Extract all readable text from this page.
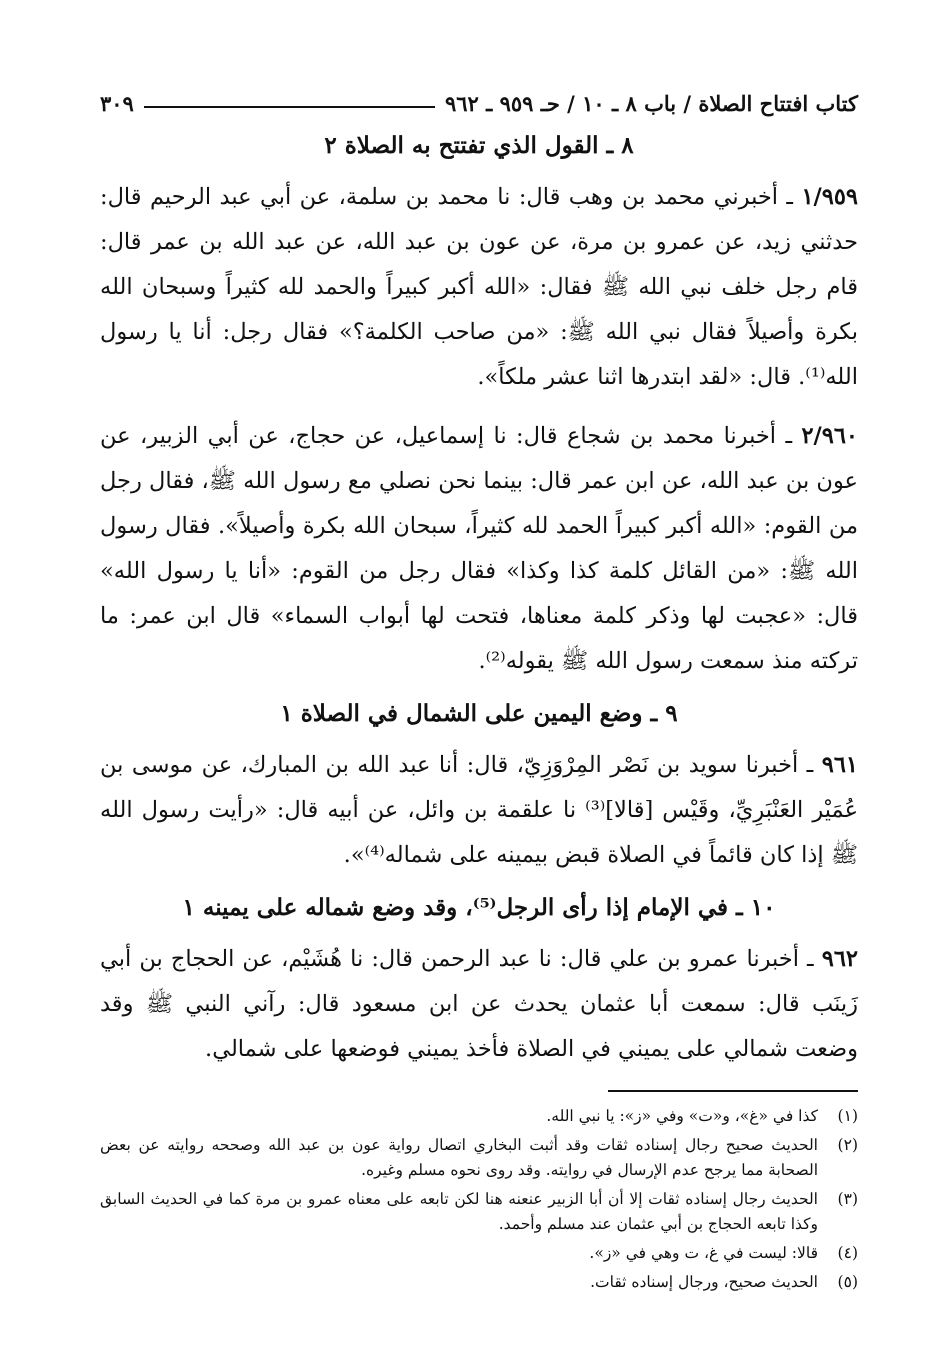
كتاب افتتاح الصلاة / باب ٨ ـ ١٠ / حـ ٩٥٩ ـ ٩٦٢
٣٠٩
٨ ـ القول الذي تفتتح به الصلاة ٢

١/٩٥٩ ـ أخبرني محمد بن وهب قال: نا محمد بن سلمة، عن أبي عبد الرحيم قال: حدثني زيد، عن عمرو بن مرة، عن عون بن عبد الله، عن عبد الله بن عمر قال: قام رجل خلف نبي الله ﷺ فقال: «الله أكبر كبيراً والحمد لله كثيراً وسبحان الله بكرة وأصيلاً فقال نبي الله ﷺ: «من صاحب الكلمة؟» فقال رجل: أنا يا رسول الله⁽¹⁾. قال: «لقد ابتدرها اثنا عشر ملكاً».

٢/٩٦٠ ـ أخبرنا محمد بن شجاع قال: نا إسماعيل، عن حجاج، عن أبي الزبير، عن عون بن عبد الله، عن ابن عمر قال: بينما نحن نصلي مع رسول الله ﷺ، فقال رجل من القوم: «الله أكبر كبيراً الحمد لله كثيراً، سبحان الله بكرة وأصيلاً». فقال رسول الله ﷺ: «من القائل كلمة كذا وكذا» فقال رجل من القوم: «أنا يا رسول الله» قال: «عجبت لها وذكر كلمة معناها، فتحت لها أبواب السماء» قال ابن عمر: ما تركته منذ سمعت رسول الله ﷺ يقوله⁽²⁾.

٩ ـ وضع اليمين على الشمال في الصلاة ١

٩٦١ ـ أخبرنا سويد بن نَصْر المِرْوَزِيّ، قال: أنا عبد الله بن المبارك، عن موسى بن عُمَيْر العَنْبَرِيِّ، وقَيْس [قالا]⁽³⁾ نا علقمة بن وائل، عن أبيه قال: «رأيت رسول الله ﷺ إذا كان قائماً في الصلاة قبض بيمينه على شماله⁽⁴⁾».

١٠ ـ في الإمام إذا رأى الرجل⁽⁵⁾، وقد وضع شماله على يمينه ١

٩٦٢ ـ أخبرنا عمرو بن علي قال: نا عبد الرحمن قال: نا هُشَيْم، عن الحجاج بن أبي زَينَب قال: سمعت أبا عثمان يحدث عن ابن مسعود قال: رآني النبي ﷺ وقد وضعت شمالي على يميني في الصلاة فأخذ يميني فوضعها على شمالي.

(١)
كذا في «غ»، و«ت» وفي «ز»: يا نبي الله.
(٢)
الحديث صحيح رجال إسناده ثقات وقد أثبت البخاري اتصال رواية عون بن عبد الله وصححه روايته عن بعض الصحابة مما يرجح عدم الإرسال في روايته. وقد روى نحوه مسلم وغيره.
(٣)
الحديث رجال إسناده ثقات إلا أن أبا الزبير عنعنه هنا لكن تابعه على معناه عمرو بن مرة كما في الحديث السابق وكذا تابعه الحجاج بن أبي عثمان عند مسلم وأحمد.
(٤)
قالا: ليست في غ، ت وهي في «ز».
(٥)
الحديث صحيح، ورجال إسناده ثقات.
